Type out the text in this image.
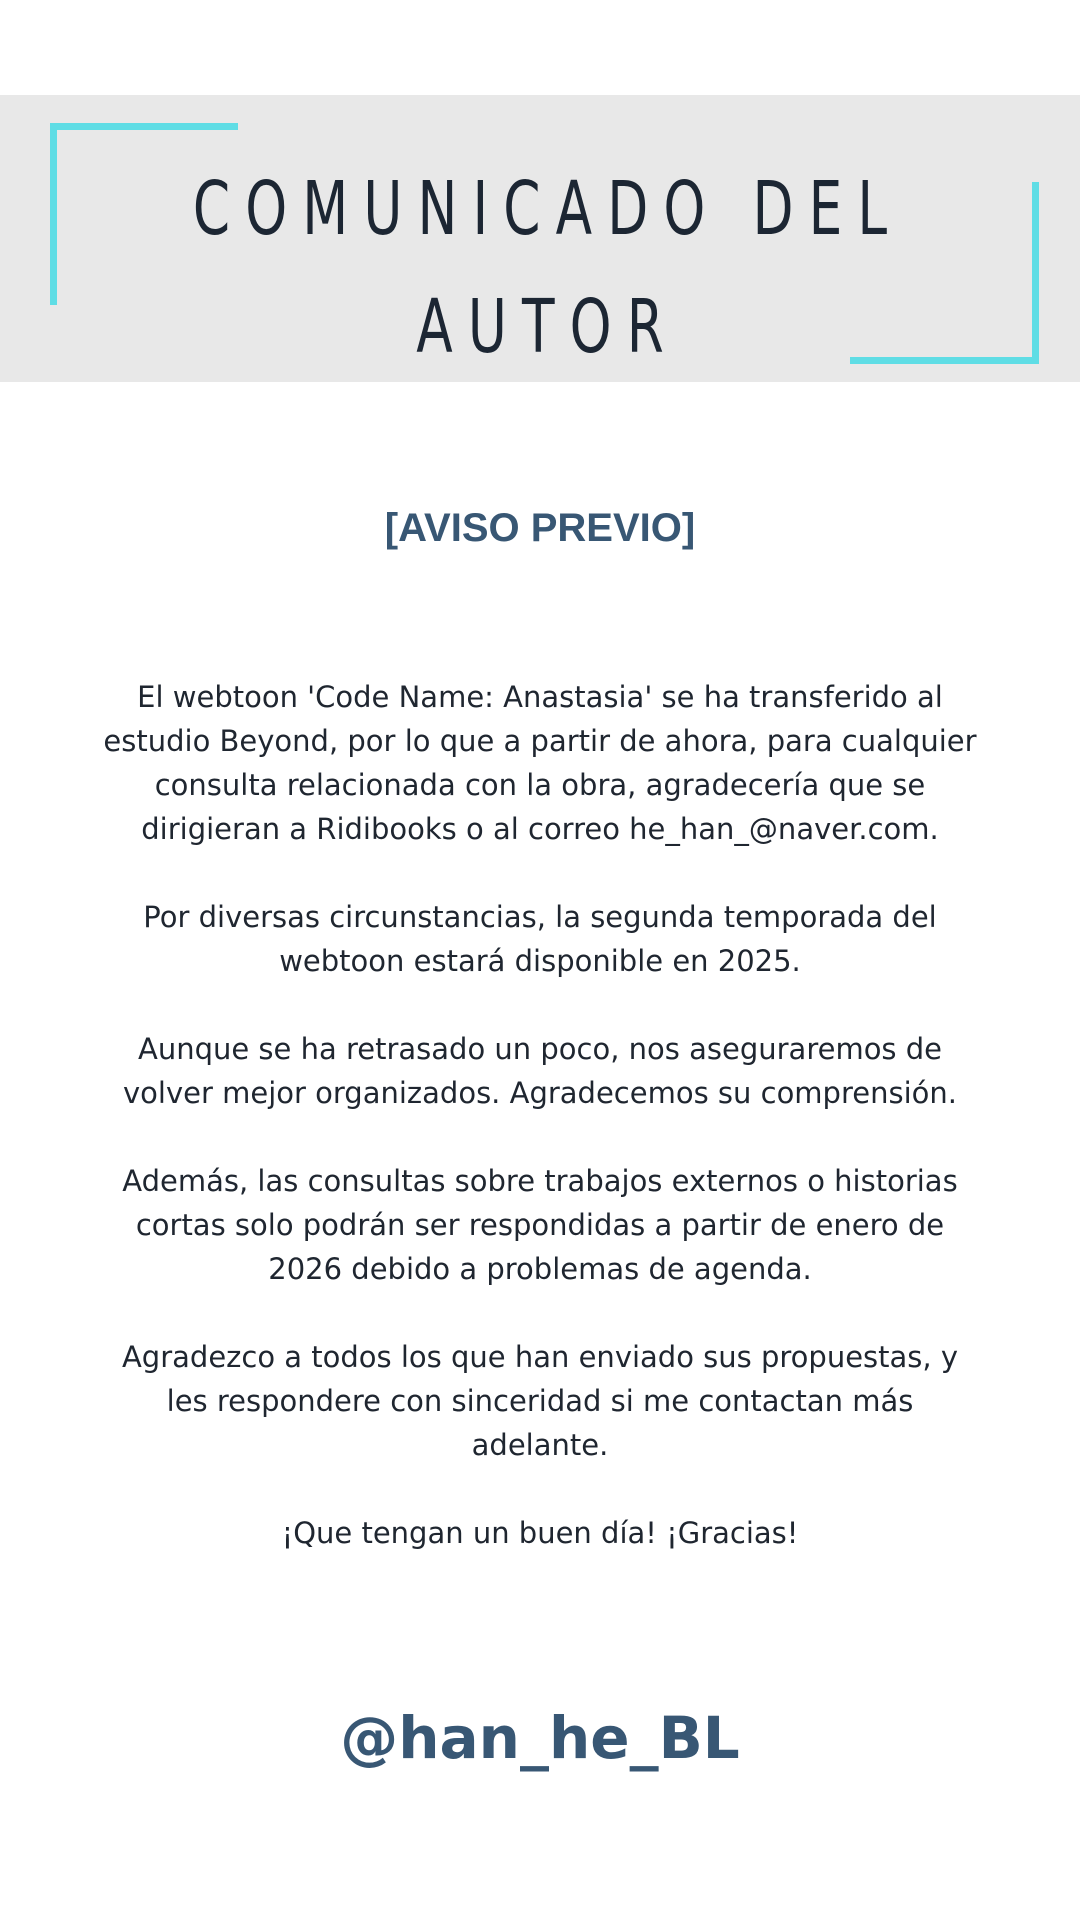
COMUNICADO DEL
AUTOR
[AVISO PREVIO]

El webtoon 'Code Name: Anastasia' se ha transferido al estudio Beyond, por lo que a partir de ahora, para cualquier consulta relacionada con la obra, agradecería que se dirigieran a Ridibooks o al correo he_han_@naver.com.

Por diversas circunstancias, la segunda temporada del webtoon estará disponible en 2025.

Aunque se ha retrasado un poco, nos aseguraremos de volver mejor organizados. Agradecemos su comprensión.

Además, las consultas sobre trabajos externos o historias cortas solo podrán ser respondidas a partir de enero de 2026 debido a problemas de agenda.

Agradezco a todos los que han enviado sus propuestas, y les respondere con sinceridad si me contactan más adelante.

¡Que tengan un buen día! ¡Gracias!

@han_he_BL
